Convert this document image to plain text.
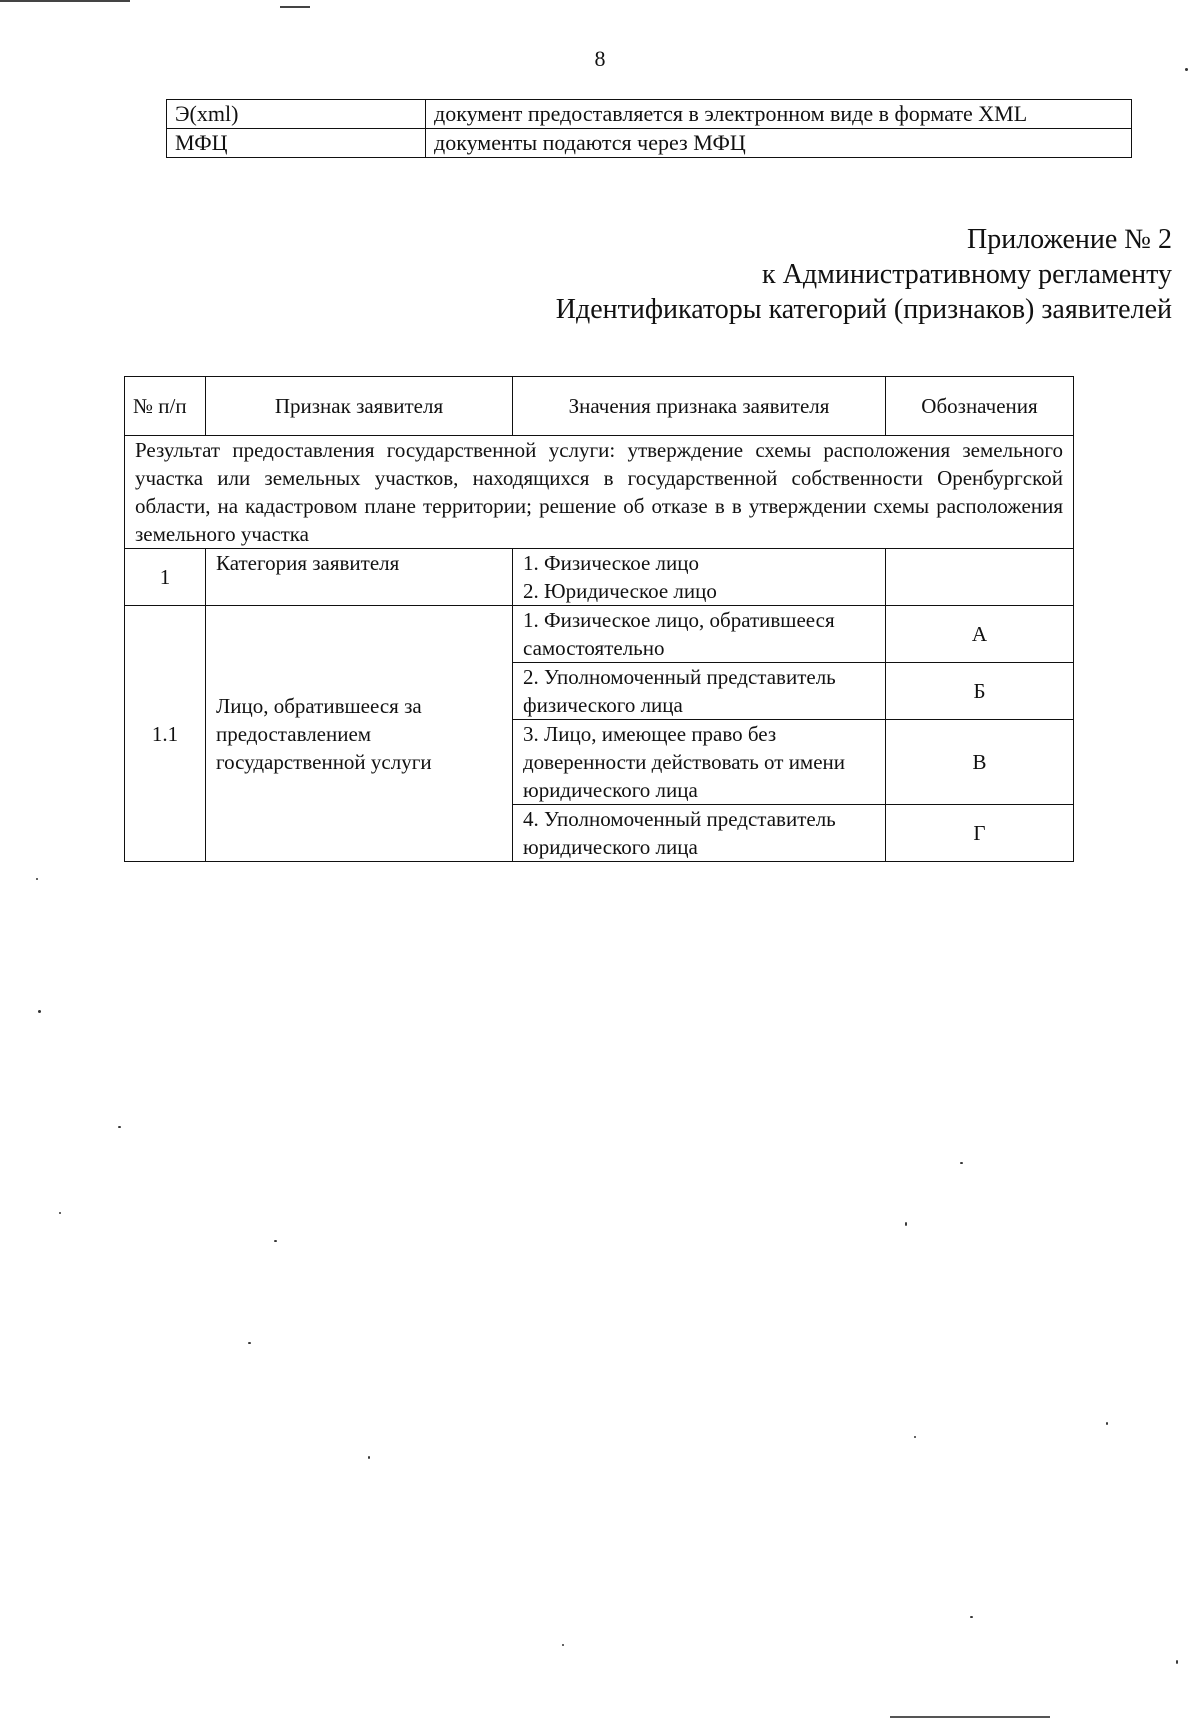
8
Э(xml)	документ предоставляется в электронном виде в формате XML
МФЦ	документы подаются через МФЦ
Приложение № 2
к Административному регламенту
Идентификаторы категорий (признаков) заявителей
№ п/п	Признак заявителя	Значения признака заявителя	Обозначения
Результат предоставления государственной услуги: утверждение схемы расположения земельного участка или земельных участков, находящихся в государственной собственности Оренбургской области, на кадастровом плане территории; решение об отказе в в утверждении схемы расположения земельного участка			
1	Категория заявителя	1. Физическое лицо
2. Юридическое лицо	

1.1	Лицо, обратившееся за предоставлением государственной услуги	1. Физическое лицо, обратившееся самостоятельно	А
		2. Уполномоченный представитель физического лица	Б
		3. Лицо, имеющее право без доверенности действовать от имени юридического лица	В
		4. Уполномоченный представитель юридического лица	Г
